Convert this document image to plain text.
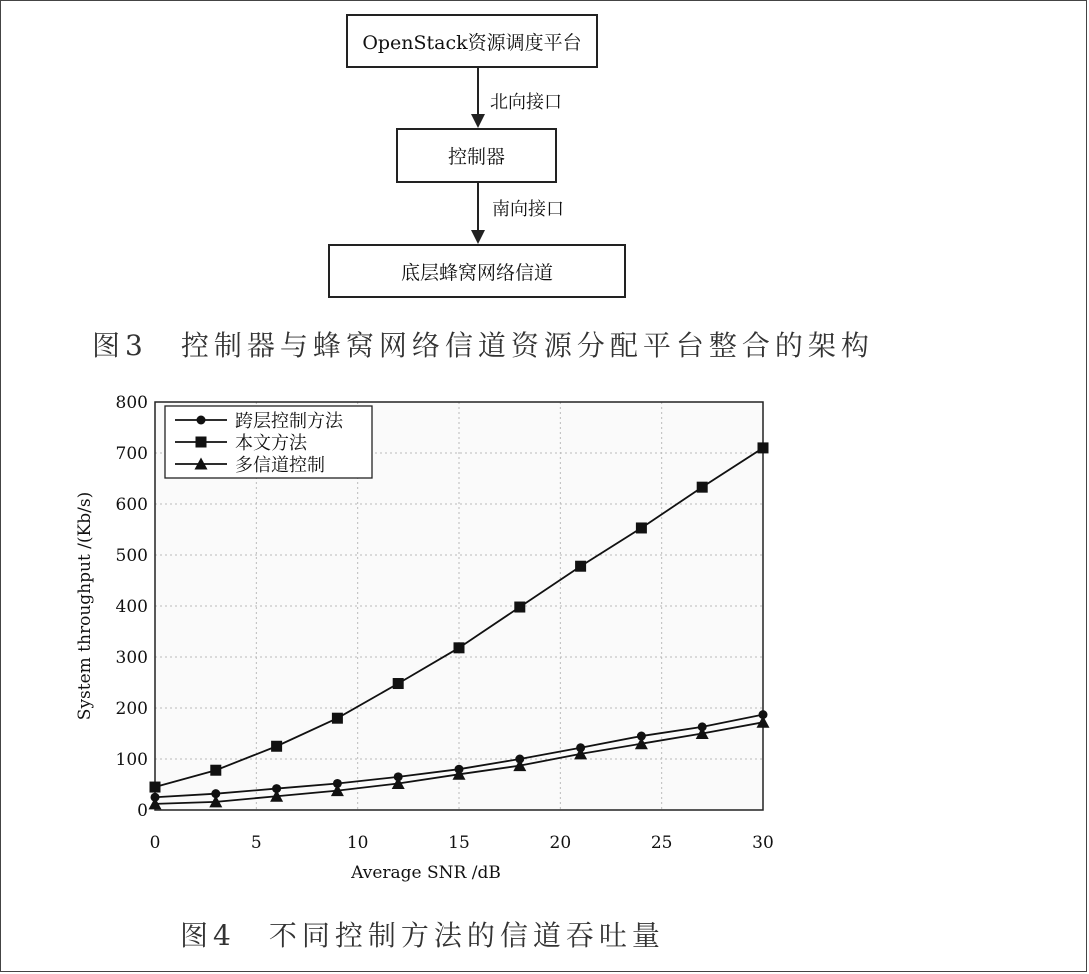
OpenStack资源调度平台
北向接口
控制器
南向接口
底层蜂窝网络信道
图3　控制器与蜂窝网络信道资源分配平台整合的架构
0
100
200
300
400
500
600
700
800
0	5	10	15	20	25	30
System throughput /(Kb/s)
Average SNR /dB
跨层控制方法
本文方法
多信道控制
图4　不同控制方法的信道吞吐量
